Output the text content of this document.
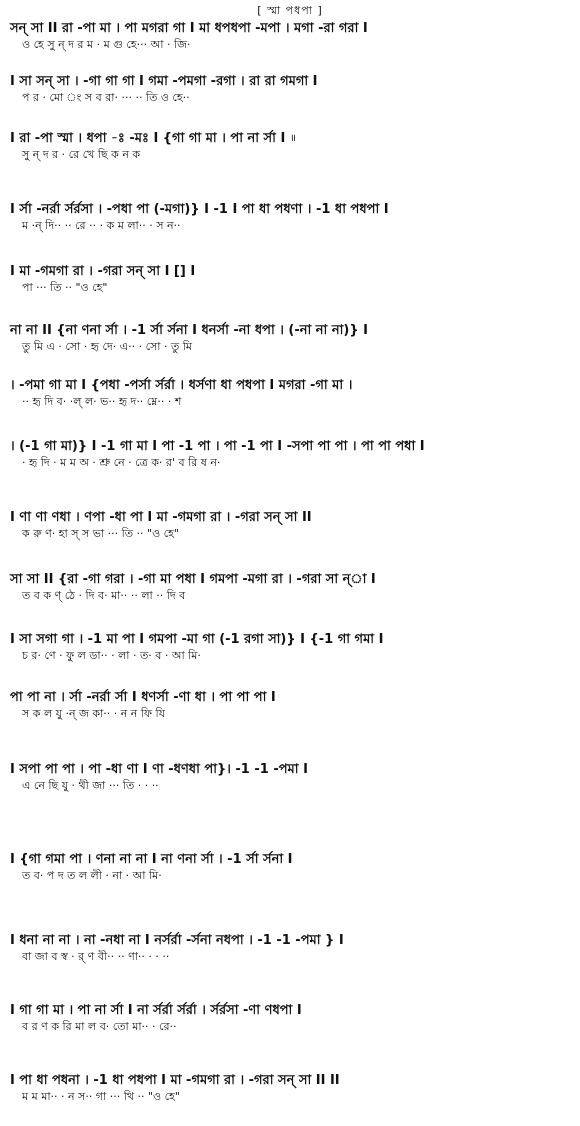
[ স্মা পধপা ]
সন্ সা II রা -পা মা । পা মগরা গা I মা ধপধপা -মপা । মগা -রা গরা I
ও হে সু ন্ দ র ম · ম গু হে··· আ · জি·
I সা সন্ সা । -গা গা গা I গমা -পমগা -রগা । রা রা গমগা I
প র · মো ং স ব রা· ··· ·· তি ও হে··
I রা -পা স্মা । ধপা -ঃ -মঃ I {গা গা মা । পা না র্সা I
সু ন্ দ র · রে খে ছি ক ন ক
I র্সা -নর্রা র্সর্রসা । -পধা পা (-মগা)} I -1 I পা ধা পধণা । -1 ধা পধপা I
ম ·ন্ দি·· ·· রে ·· · ক ম লা·· · স ন··
I মা -গমগা রা । -গরা সন্ সা I [] I
পা ··· তি ·· "ও হে"
না না II {না ণনা র্সা । -1 র্সা র্সনা I ধনর্সা -না ধপা । (-না না না)} I
তু মি এ · সো · হৃ দে· এ·· · সো · তু মি
। -পমা গা মা I {পধা -পর্সা র্সর্রা । ধর্সণা ধা পধপা I মগরা -গা মা ।
·· হৃ দি ব· ·ল্ ল· ভ·· হৃ দ·· ম্নে·· · শ
। (-1 গা মা)} I -1 গা মা I পা -1 পা । পা -1 পা I -সপা পা পা । পা পা পধা I
· হৃ দি · ম ম অ · শ্রু নে · ত্রে ক· র' ব রি ষ ন·
I ণা ণা ণধা । ণপা -ধা পা I মা -গমগা রা । -গরা সন্ সা II
ক রু ণ· হা স্ স ভা ··· তি ·· "ও হে"
সা সা II {রা -গা গরা । -গা মা পধা I গমপা -মগা রা । -গরা সা ন্া I
ত ব ক ণ্ ঠে · দি ব· মা·· ·· লা ·· দি ব
I সা সগা গা । -1 মা পা I গমপা -মা গা (-1 রগা সা)} I {-1 গা গমা I
চ র· ণে · ফু ল ডা·· · লা · ত· ব · আ মি·
পা পা না । র্সা -নর্রা র্সা I ধণর্সা -ণা ধা । পা পা পা I
স ক ল যু ·ন্ জ কা·· · ন ন ফি যি
I সপা পা পা । পা -ধা ণা I ণা -ধণধা পা}। -1 -1 -পমা I
এ নে ছি যু · থী জা ··· তি · · ··
I {গা গমা পা । ণনা না না I না ণনা র্সা । -1 র্সা র্সনা I
ত ব· প দ ত ল লী · না · আ মি·
I ধনা না না । না -নধা না I নর্সর্রা -র্সনা নধপা । -1 -1 -পমা } I
বা জা ব স্ব · র্ ণ বী·· ·· ণা·· · · ··
I গা গা মা । পা না র্সা I না র্সর্রা র্সর্রা । র্সর্রসা -ণা ণধপা I
ব র ণ ক রি মা ল ব· তো মা·· · রে··
I পা ধা পধনা । -1 ধা পধপা I মা -গমগা রা । -গরা সন্ সা II II
ম ম মা·· · ন স·· গা ··· থি ·· "ও হে"
॥
